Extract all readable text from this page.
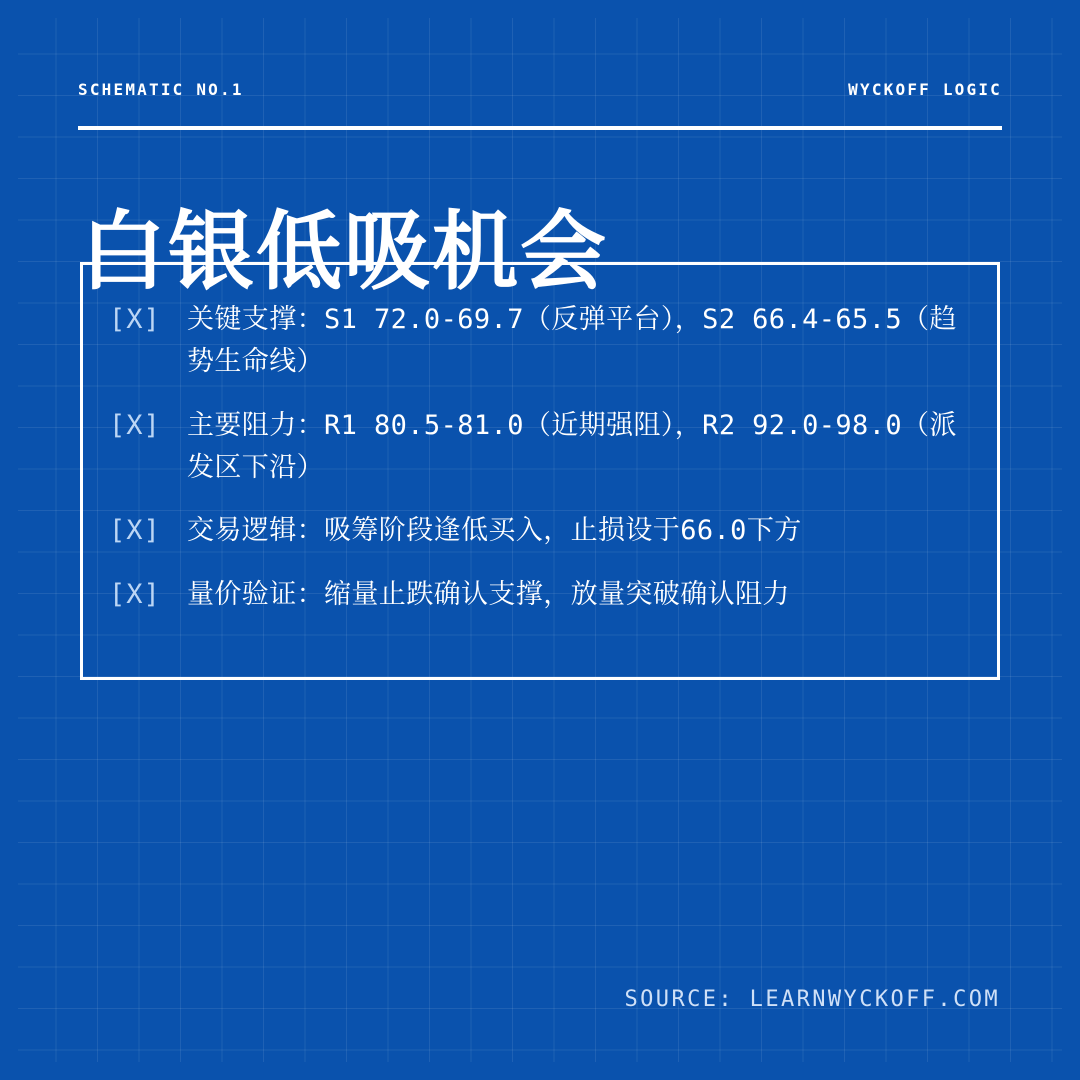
SCHEMATIC NO.1	WYCKOFF LOGIC
白银低吸机会
[X] 关键支撑：S1 72.0-69.7（反弹平台），S2 66.4-65.5（趋势生命线）
[X] 主要阻力：R1 80.5-81.0（近期强阻），R2 92.0-98.0（派发区下沿）
[X] 交易逻辑：吸筹阶段逢低买入，止损设于66.0下方
[X] 量价验证：缩量止跌确认支撑，放量突破确认阻力
SOURCE: LEARNWYCKOFF.COM
